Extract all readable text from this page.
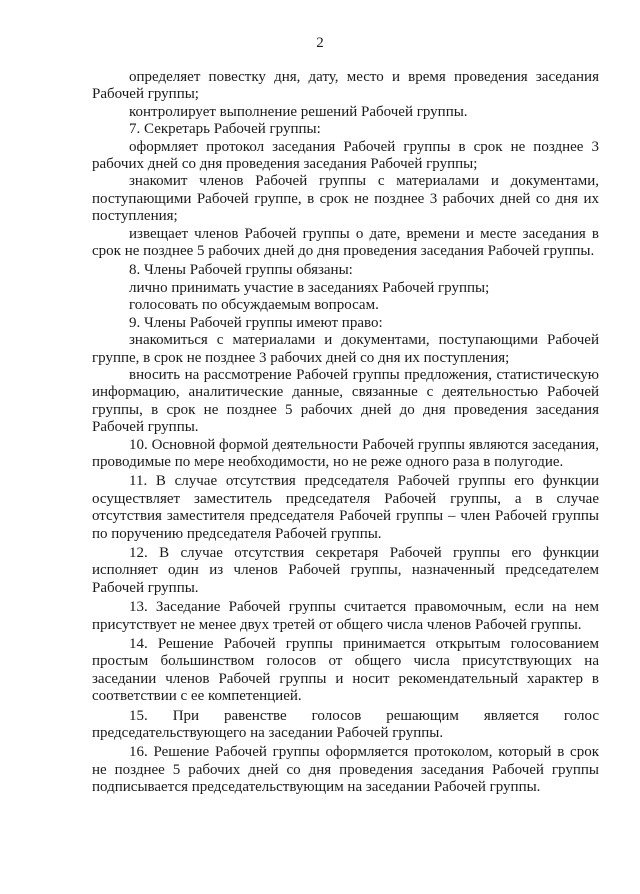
2

определяет повестку дня, дату, место и время проведения заседания Рабочей группы;

контролирует выполнение решений Рабочей группы.

7. Секретарь Рабочей группы:

оформляет протокол заседания Рабочей группы в срок не позднее 3 рабочих дней со дня проведения заседания Рабочей группы;

знакомит членов Рабочей группы с материалами и документами, поступающими Рабочей группе, в срок не позднее 3 рабочих дней со дня их поступления;

извещает членов Рабочей группы о дате, времени и месте заседания в срок не позднее 5 рабочих дней до дня проведения заседания Рабочей группы.

8. Члены Рабочей группы обязаны:

лично принимать участие в заседаниях Рабочей группы;

голосовать по обсуждаемым вопросам.

9. Члены Рабочей группы имеют право:

знакомиться с материалами и документами, поступающими Рабочей группе, в срок не позднее 3 рабочих дней со дня их поступления;

вносить на рассмотрение Рабочей группы предложения, статистическую информацию, аналитические данные, связанные с деятельностью Рабочей группы, в срок не позднее 5 рабочих дней до дня проведения заседания Рабочей группы.

10. Основной формой деятельности Рабочей группы являются заседания, проводимые по мере необходимости, но не реже одного раза в полугодие.

11. В случае отсутствия председателя Рабочей группы его функции осуществляет заместитель председателя Рабочей группы, а в случае отсутствия заместителя председателя Рабочей группы – член Рабочей группы по поручению председателя Рабочей группы.

12. В случае отсутствия секретаря Рабочей группы его функции исполняет один из членов Рабочей группы, назначенный председателем Рабочей группы.

13. Заседание Рабочей группы считается правомочным, если на нем присутствует не менее двух третей от общего числа членов Рабочей группы.

14. Решение Рабочей группы принимается открытым голосованием простым большинством голосов от общего числа присутствующих на заседании членов Рабочей группы и носит рекомендательный характер в соответствии с ее компетенцией.

15. При равенстве голосов решающим является голос председательствующего на заседании Рабочей группы.

16. Решение Рабочей группы оформляется протоколом, который в срок не позднее 5 рабочих дней со дня проведения заседания Рабочей группы подписывается председательствующим на заседании Рабочей группы.
